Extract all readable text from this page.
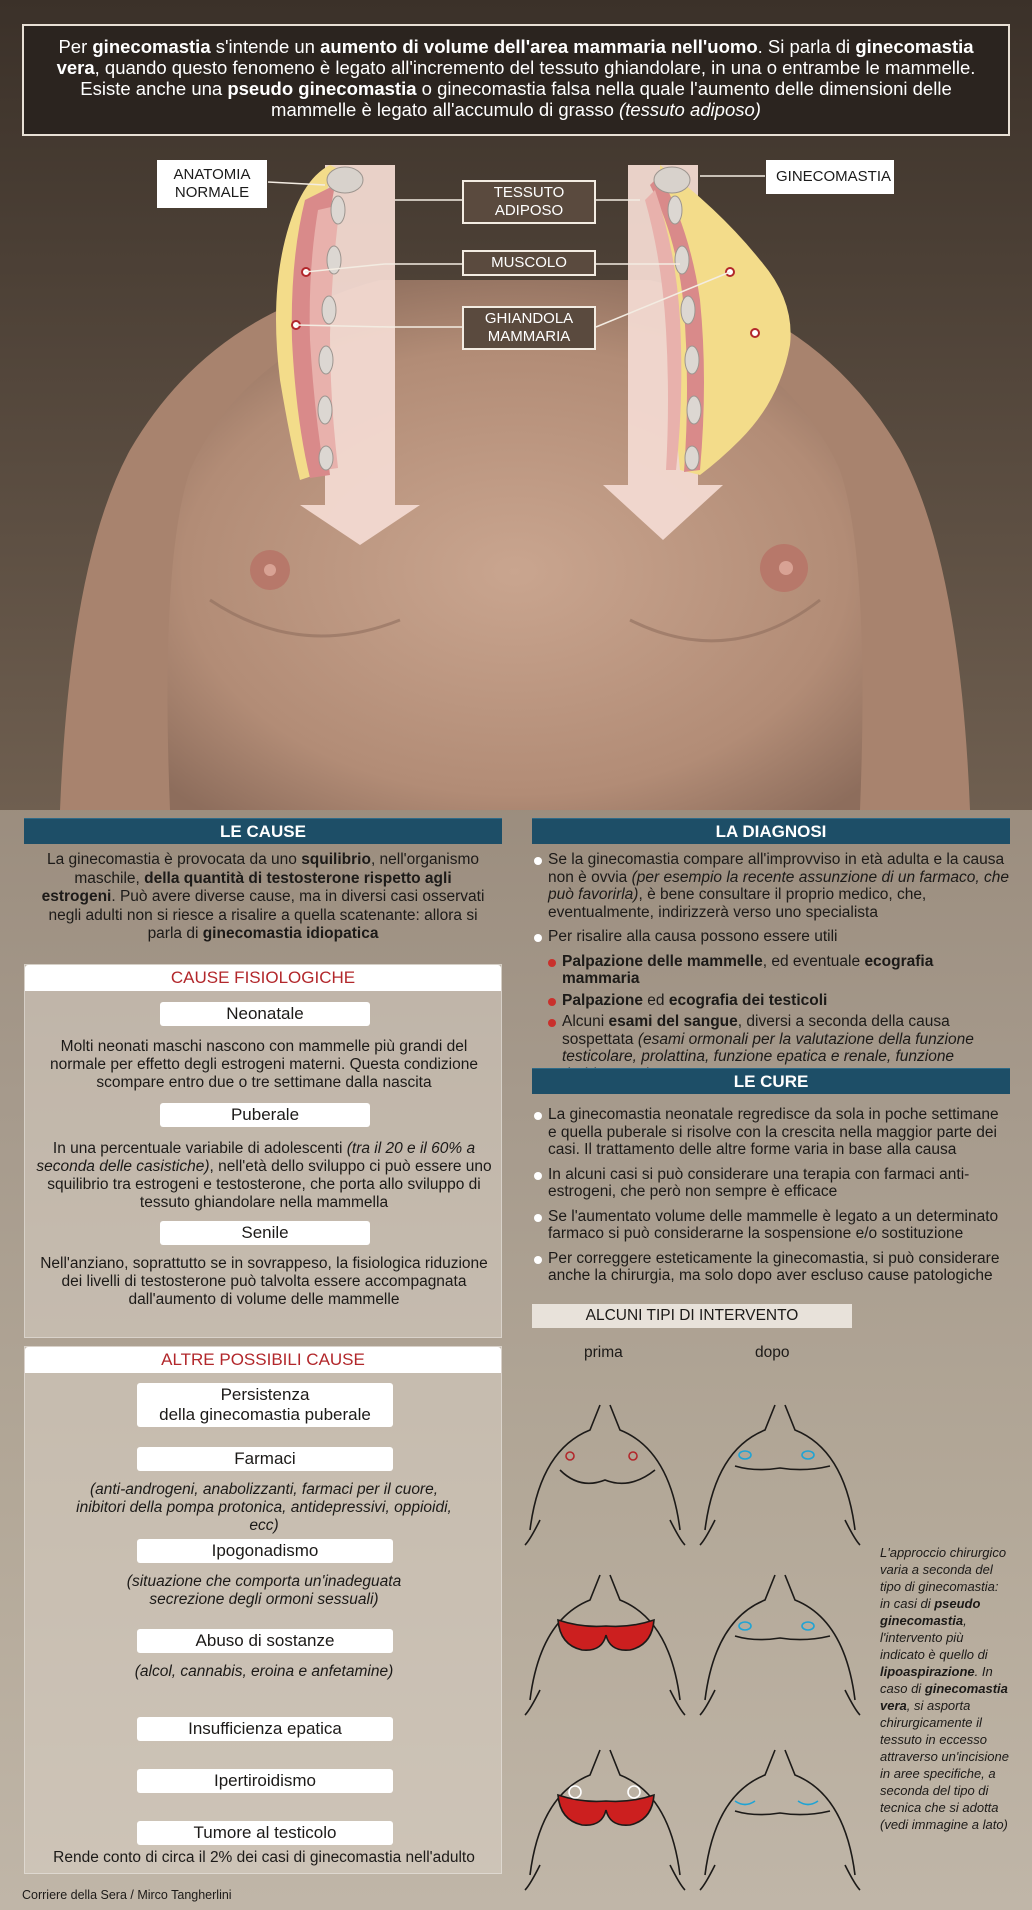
Per ginecomastia s'intende un aumento di volume dell'area mammaria nell'uomo. Si parla di ginecomastia vera, quando questo fenomeno è legato all'incremento del tessuto ghiandolare, in una o entrambe le mammelle. Esiste anche una pseudo ginecomastia o ginecomastia falsa nella quale l'aumento delle dimensioni delle mammelle è legato all'accumulo di grasso (tessuto adiposo)
ANATOMIA
NORMALE
GINECOMASTIA
TESSUTO
ADIPOSO
MUSCOLO
GHIANDOLA
MAMMARIA
LE CAUSE
La ginecomastia è provocata da uno squilibrio, nell'organismo maschile, della quantità di testosterone rispetto agli estrogeni. Può avere diverse cause, ma in diversi casi osservati negli adulti non si riesce a risalire a quella scatenante: allora si parla di ginecomastia idiopatica
CAUSE FISIOLOGICHE
Neonatale
Molti neonati maschi nascono con mammelle più grandi del normale per effetto degli estrogeni materni. Questa condizione scompare entro due o tre settimane dalla nascita
Puberale
In una percentuale variabile di adolescenti (tra il 20 e il 60% a seconda delle casistiche), nell'età dello sviluppo ci può essere uno squilibrio tra estrogeni e testosterone, che porta allo sviluppo di tessuto ghiandolare nella mammella
Senile
Nell'anziano, soprattutto se in sovrappeso, la fisiologica riduzione dei livelli di testosterone può talvolta essere accompagnata dall'aumento di volume delle mammelle
ALTRE POSSIBILI CAUSE
Persistenza
della ginecomastia puberale
Farmaci
(anti-androgeni, anabolizzanti, farmaci per il cuore, inibitori della pompa protonica, antidepressivi, oppioidi, ecc)
Ipogonadismo
(situazione che comporta un'inadeguata secrezione degli ormoni sessuali)
Abuso di sostanze
(alcol, cannabis, eroina e anfetamine)
Insufficienza epatica
Ipertiroidismo
Tumore al testicolo
Rende conto di circa il 2% dei casi di ginecomastia nell'adulto
LA DIAGNOSI
Se la ginecomastia compare all'improvviso in età adulta e la causa non è ovvia (per esempio la recente assunzione di un farmaco, che può favorirla), è bene consultare il proprio medico, che, eventualmente, indirizzerà verso uno specialista
Per risalire alla causa possono essere utili
Palpazione delle mammelle, ed eventuale ecografia mammaria
Palpazione ed ecografia dei testicoli
Alcuni esami del sangue, diversi a seconda della causa sospettata (esami ormonali per la valutazione della funzione testicolare, prolattina, funzione epatica e renale, funzione
LE CURE
La ginecomastia neonatale regredisce da sola in poche settimane e quella puberale si risolve con la crescita nella maggior parte dei casi. Il trattamento delle altre forme varia in base alla causa
In alcuni casi si può considerare una terapia con farmaci anti-estrogeni, che però non sempre è efficace
Se l'aumentato volume delle mammelle è legato a un determinato farmaco si può considerarne la sospensione e/o sostituzione
Per correggere esteticamente la ginecomastia, si può considerare anche la chirurgia, ma solo dopo aver escluso cause patologiche
ALCUNI TIPI DI INTERVENTO
prima	dopo
L'approccio chirurgico varia a seconda del tipo di ginecomastia: in casi di pseudo ginecomastia, l'intervento più indicato è quello di lipoaspirazione. In caso di ginecomastia vera, si asporta chirurgicamente il tessuto in eccesso attraverso un'incisione in aree specifiche, a seconda del tipo di tecnica che si adotta (vedi immagine a lato)
Corriere della Sera / Mirco Tangherlini
